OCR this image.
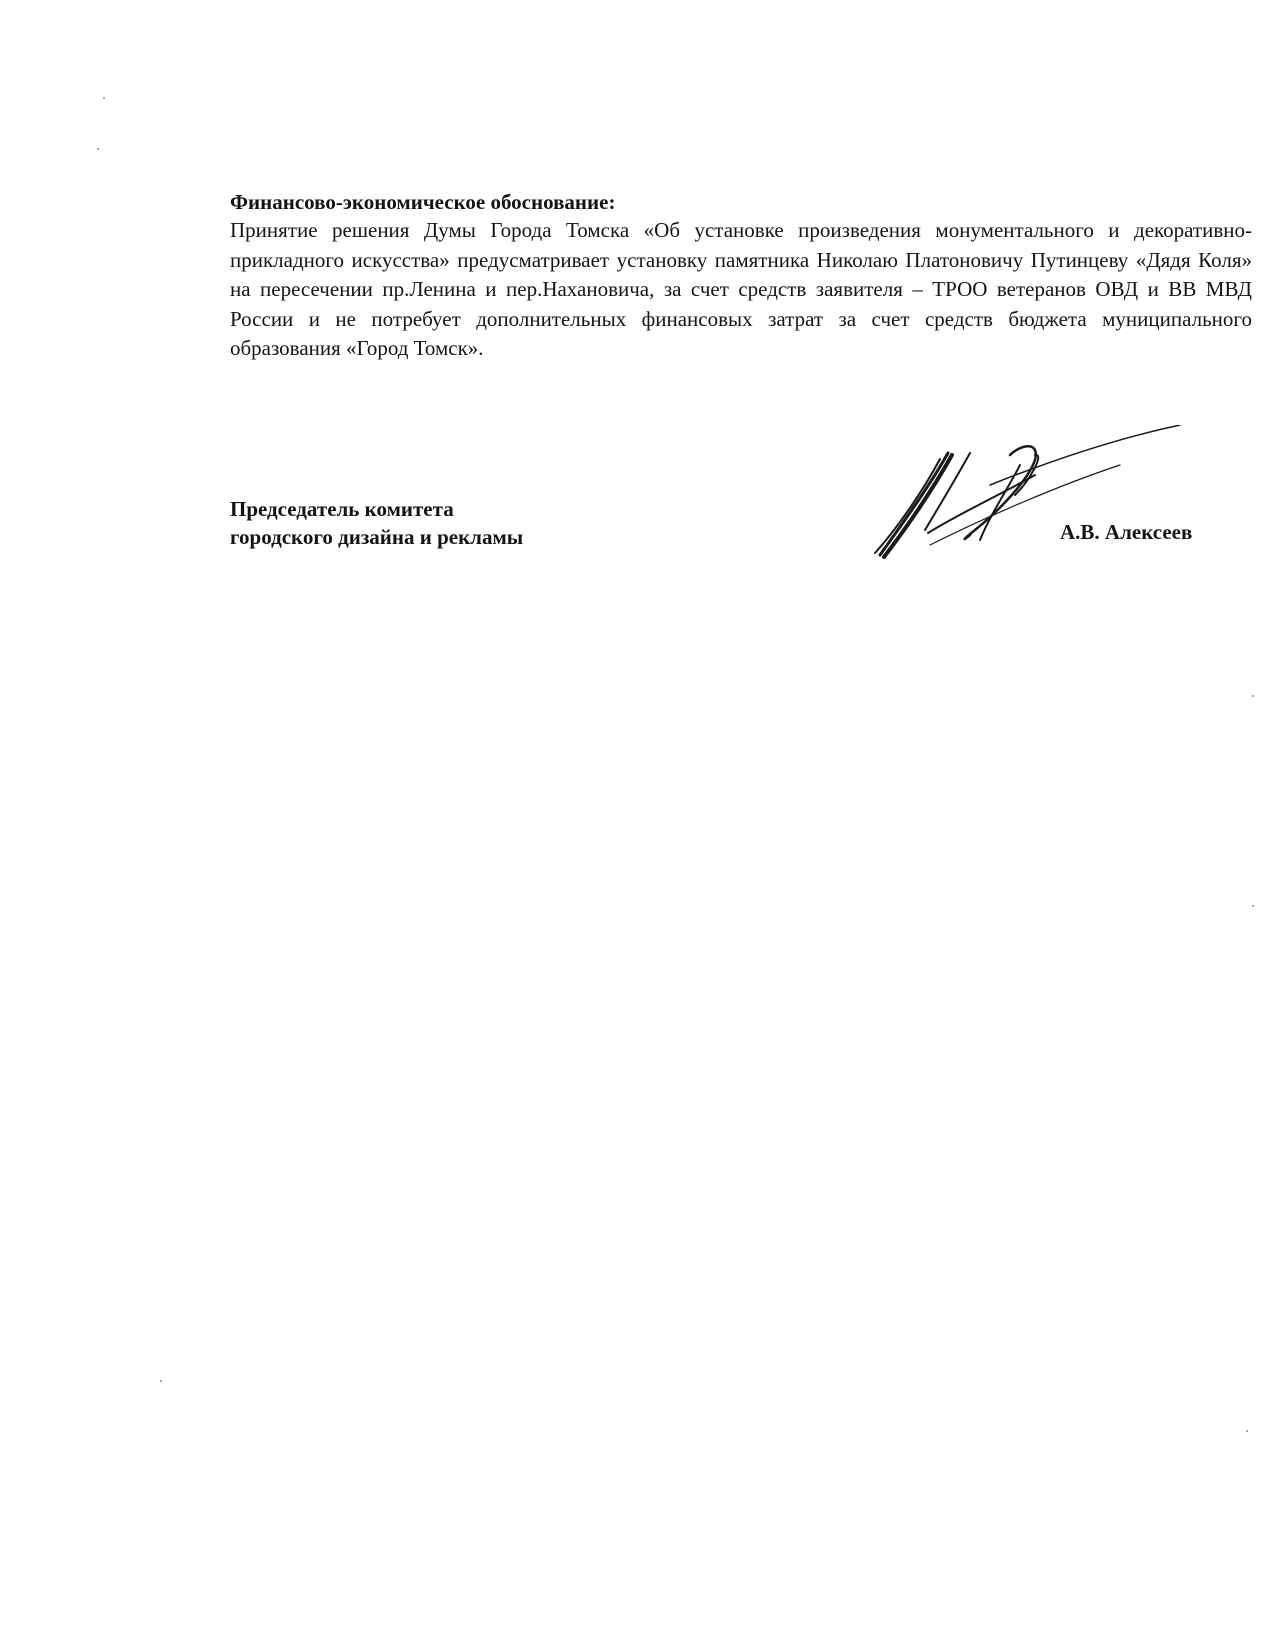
Финансово-экономическое обоснование:

Принятие решения Думы Города Томска «Об установке произведения монументального и декоративно-прикладного искусства» предусматривает установку памятника Николаю Платоновичу Путинцеву «Дядя Коля» на пересечении пр.Ленина и пер.Нахановича, за счет средств заявителя – ТРОО ветеранов ОВД и ВВ МВД России и не потребует дополнительных финансовых затрат за счет средств бюджета муниципального образования «Город Томск».

Председатель комитета
городского дизайна и рекламы	А.В. Алексеев
